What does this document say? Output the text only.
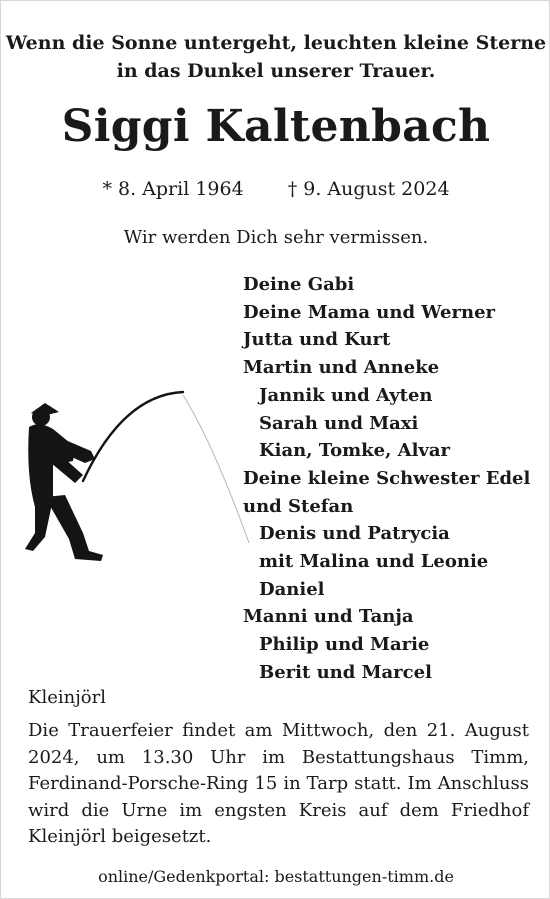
Wenn die Sonne untergeht, leuchten kleine Sterne
in das Dunkel unserer Trauer.
Siggi Kaltenbach
* 8. April 1964 † 9. August 2024
Wir werden Dich sehr vermissen.
Deine Gabi
Deine Mama und Werner
Jutta und Kurt
Martin und Anneke
Jannik und Ayten
Sarah und Maxi
Kian, Tomke, Alvar
Deine kleine Schwester Edel
und Stefan
Denis und Patrycia
mit Malina und Leonie
Daniel
Manni und Tanja
Philip und Marie
Berit und Marcel
Kleinjörl

Die Trauerfeier findet am Mittwoch, den 21. August 2024, um 13.30 Uhr im Bestattungshaus Timm, Ferdinand-Porsche-Ring 15 in Tarp statt. Im Anschluss wird die Urne im engsten Kreis auf dem Friedhof Kleinjörl beigesetzt.

online/Gedenkportal: bestattungen-timm.de
